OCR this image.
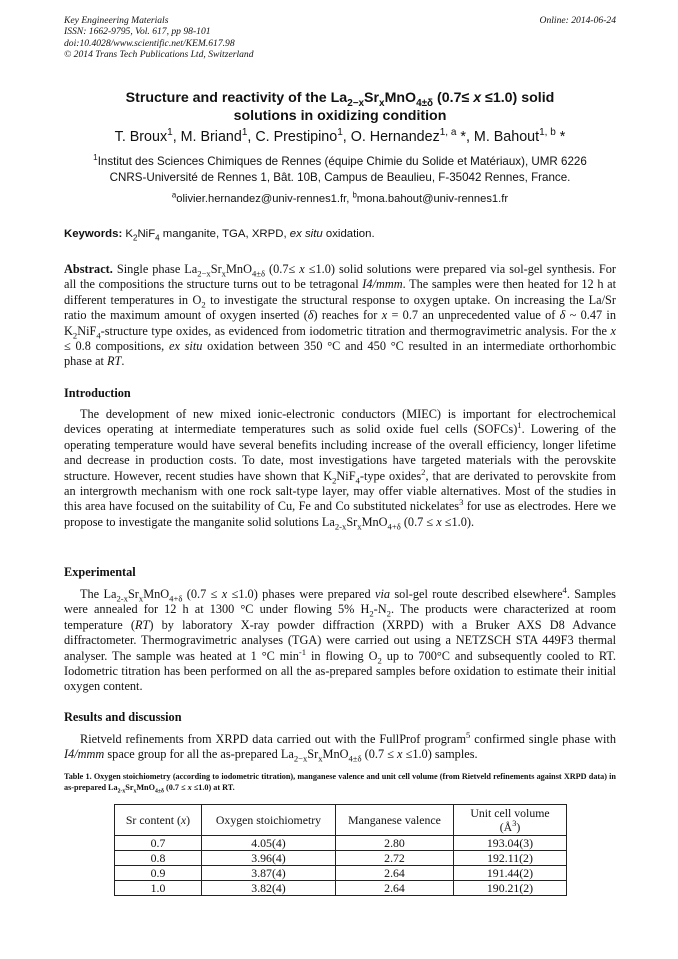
Key Engineering Materials
ISSN: 1662-9795, Vol. 617, pp 98-101
doi:10.4028/www.scientific.net/KEM.617.98
© 2014 Trans Tech Publications Ltd, Switzerland
Online: 2014-06-24
Structure and reactivity of the $La_{2-x}Sr_xMnO_{4\pm\delta}$ (0.7≤ x ≤1.0) solid
solutions in oxidizing condition
T. Broux$^1$, M. Briand$^1$, C. Prestipino$^1$, O. Hernandez$^{1, a}$ *, M. Bahout$^{1, b}$ *
$^1$Institut des Sciences Chimiques de Rennes (équipe Chimie du Solide et Matériaux), UMR 6226
CNRS-Université de Rennes 1, Bât. 10B, Campus de Beaulieu, F-35042 Rennes, France.
$^a$olivier.hernandez@univ-rennes1.fr, $^b$mona.bahout@univ-rennes1.fr
Keywords: $K_2NiF_4$ manganite, TGA, XRPD, ex situ oxidation.
Abstract. Single phase $La_{2-x}Sr_xMnO_{4\pm\delta}$ (0.7≤ x ≤1.0) solid solutions were prepared via sol-gel synthesis. For all the compositions the structure turns out to be tetragonal I4/mmm. The samples were then heated for 12 h at different temperatures in $O_2$ to investigate the structural response to oxygen uptake. On increasing the La/Sr ratio the maximum amount of oxygen inserted (δ) reaches for x = 0.7 an unprecedented value of δ ~ 0.47 in $K_2NiF_4$-structure type oxides, as evidenced from iodometric titration and thermogravimetric analysis. For the x ≤ 0.8 compositions, ex situ oxidation between 350 °C and 450 °C resulted in an intermediate orthorhombic phase at RT.
Introduction
The development of new mixed ionic-electronic conductors (MIEC) is important for electrochemical devices operating at intermediate temperatures such as solid oxide fuel cells (SOFCs)$^1$. Lowering of the operating temperature would have several benefits including increase of the overall efficiency, longer lifetime and decrease in production costs. To date, most investigations have targeted materials with the perovskite structure. However, recent studies have shown that $K_2NiF_4$-type oxides$^2$, that are derivated to perovskite from an intergrowth mechanism with one rock salt-type layer, may offer viable alternatives. Most of the studies in this area have focused on the suitability of Cu, Fe and Co substituted nickelates$^3$ for use as electrodes. Here we propose to investigate the manganite solid solutions $La_{2-x}Sr_xMnO_{4+\delta}$ (0.7 ≤ x ≤1.0).
Experimental
The $La_{2-x}Sr_xMnO_{4+\delta}$ (0.7 ≤ x ≤1.0) phases were prepared via sol-gel route described elsewhere$^4$. Samples were annealed for 12 h at 1300 °C under flowing 5% $H_2-N_2$. The products were characterized at room temperature (RT) by laboratory X-ray powder diffraction (XRPD) with a Bruker AXS D8 Advance diffractometer. Thermogravimetric analyses (TGA) were carried out using a NETZSCH STA 449F3 thermal analyser. The sample was heated at 1 °C $\min^{-1}$ in flowing $O_2$ up to 700°C and subsequently cooled to RT. Iodometric titration has been performed on all the as-prepared samples before oxidation to estimate their initial oxygen content.
Results and discussion
Rietveld refinements from XRPD data carried out with the FullProf program$^5$ confirmed single phase with I4/mmm space group for all the as-prepared $La_{2-x}Sr_xMnO_{4\pm\delta}$ (0.7 ≤ x ≤1.0) samples.
Table 1. Oxygen stoichiometry (according to iodometric titration), manganese valence and unit cell volume (from Rietveld refinements against XRPD data) in as-prepared $La_{2-x}Sr_xMnO_{4\pm\delta}$ (0.7 ≤ x ≤1.0) at RT.
Sr content (x)	Oxygen stoichiometry	Manganese valence	Unit cell volume
$(Å^3)$
0.7	4.05(4)	2.80	193.04(3)
0.8	3.96(4)	2.72	192.11(2)
0.9	3.87(4)	2.64	191.44(2)
1.0	3.82(4)	2.64	190.21(2)
